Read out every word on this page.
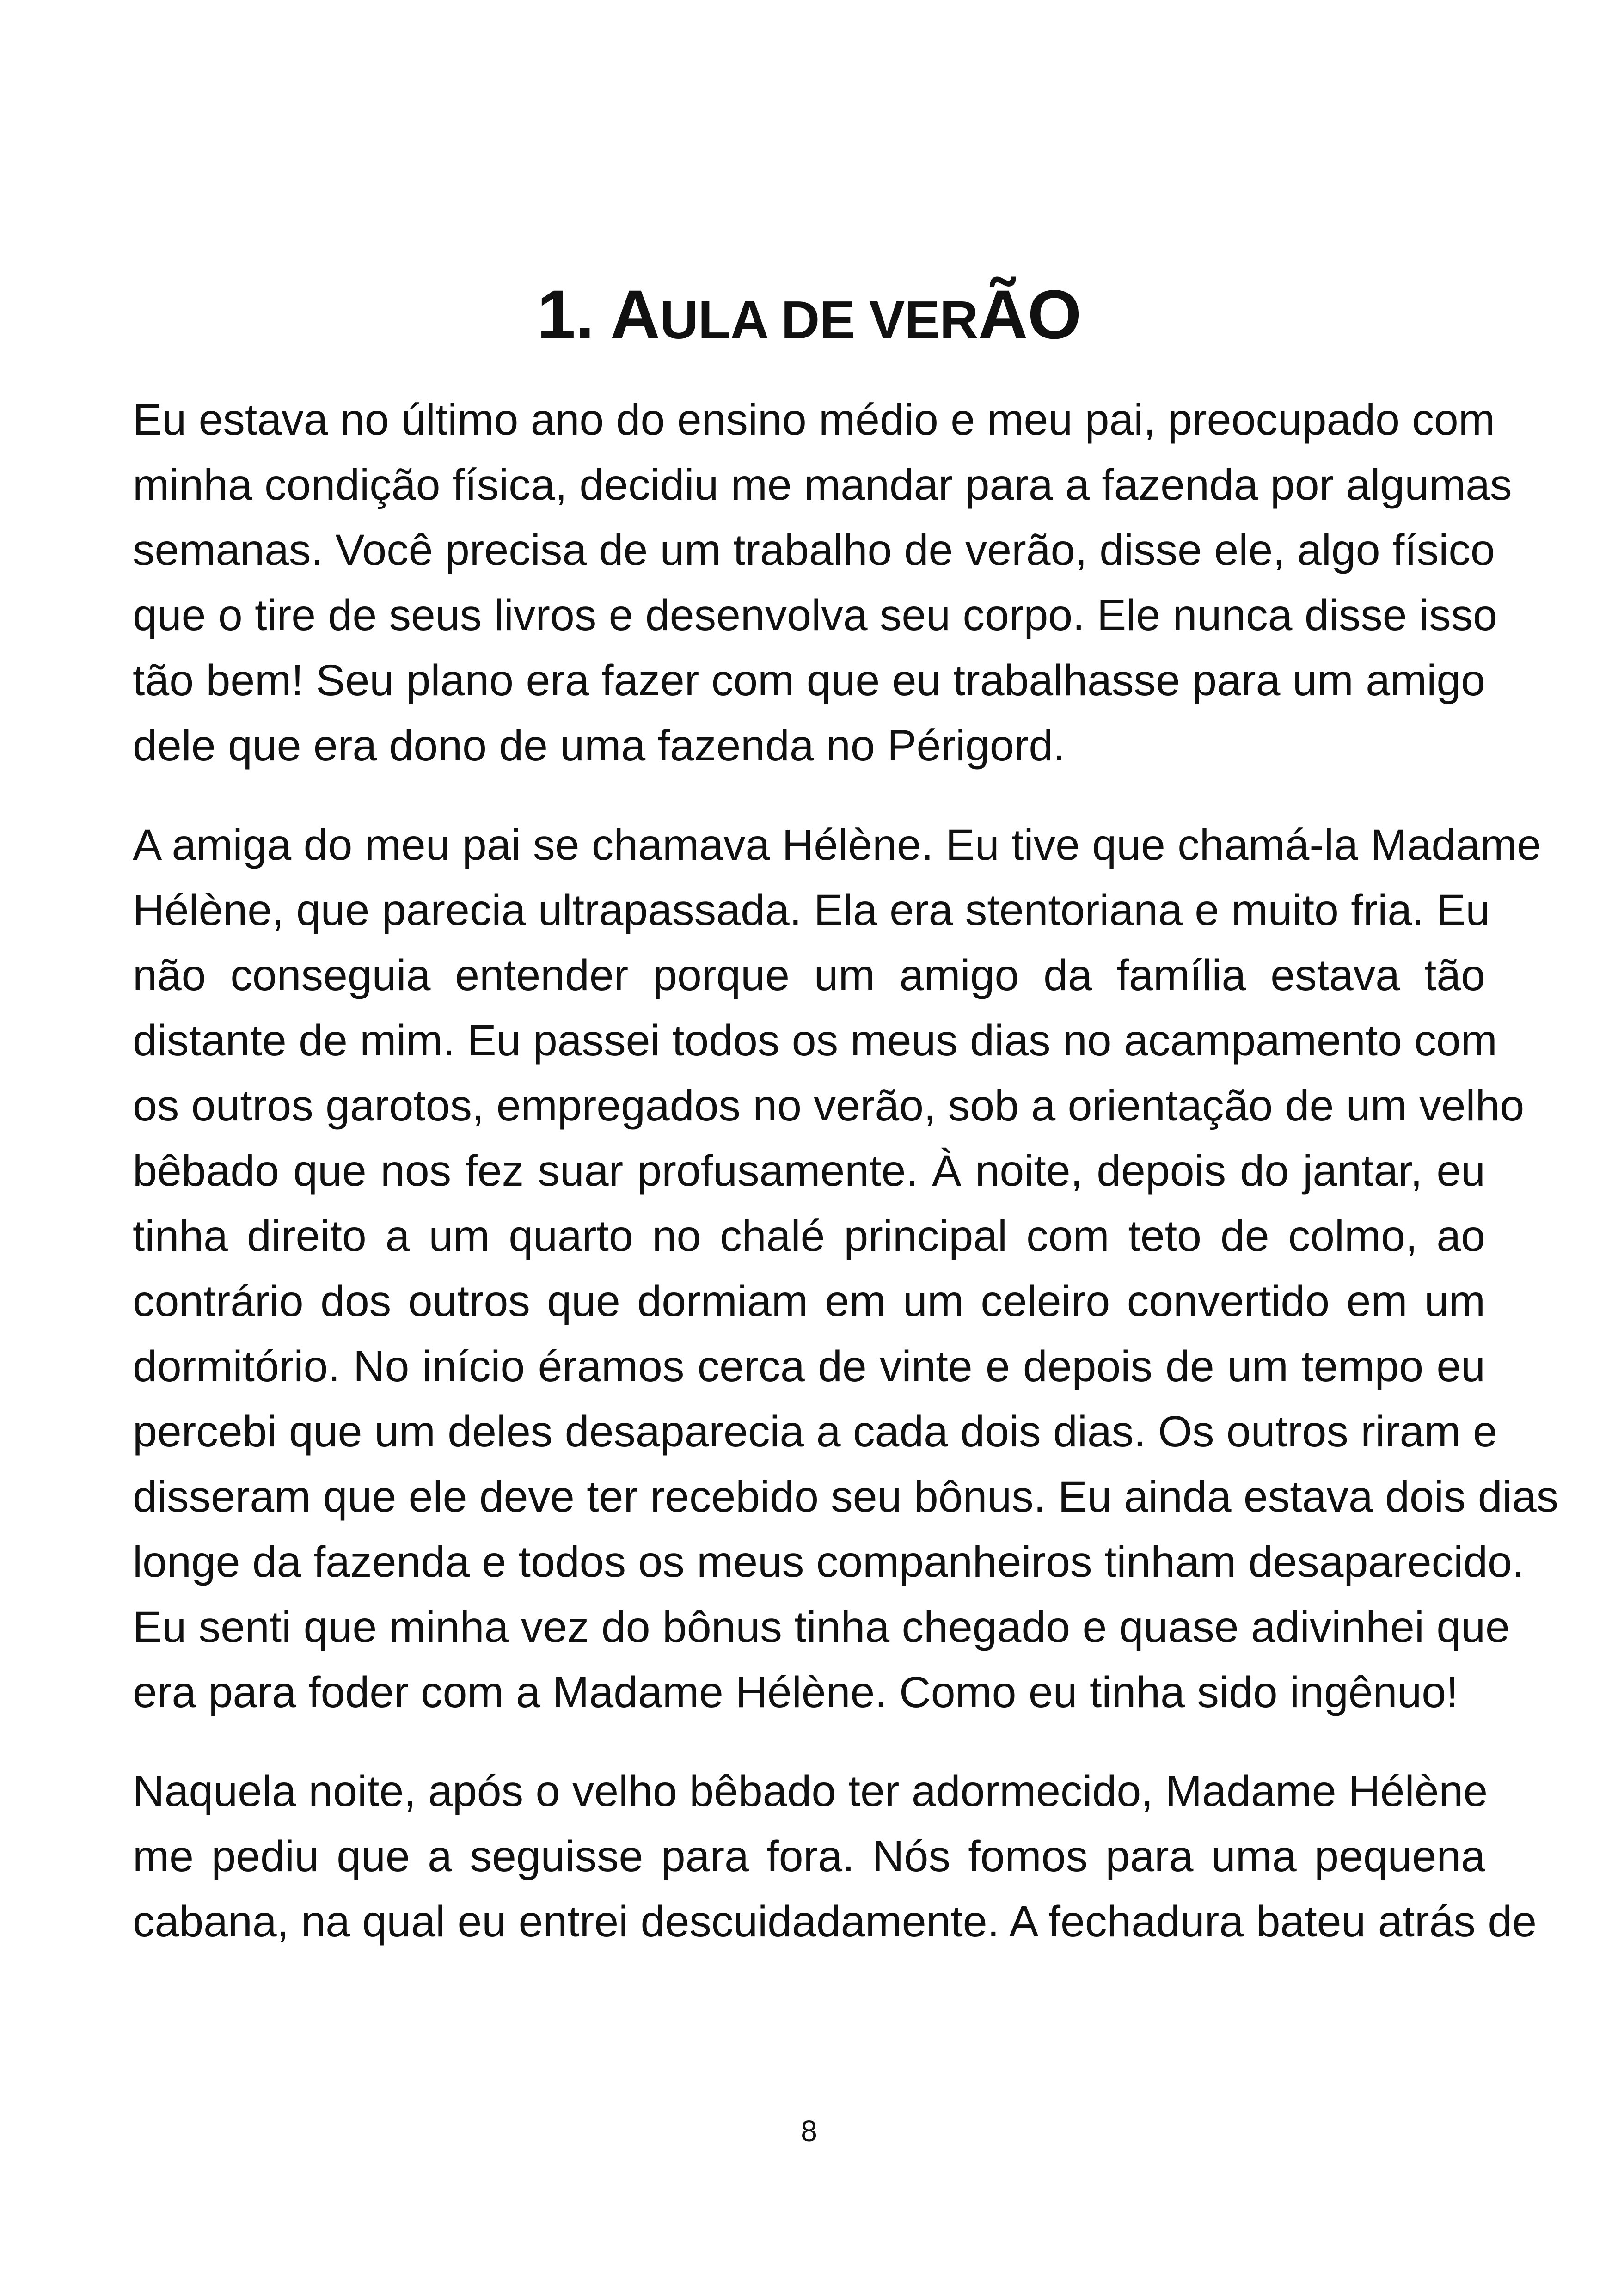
1. AULA DE VERÃO
Eu estava no último ano do ensino médio e meu pai, preocupado com
minha condição física, decidiu me mandar para a fazenda por algumas
semanas. Você precisa de um trabalho de verão, disse ele, algo físico
que o tire de seus livros e desenvolva seu corpo. Ele nunca disse isso
tão bem! Seu plano era fazer com que eu trabalhasse para um amigo
dele que era dono de uma fazenda no Périgord.
A amiga do meu pai se chamava Hélène. Eu tive que chamá-la Madame
Hélène, que parecia ultrapassada. Ela era stentoriana e muito fria. Eu
não conseguia entender porque um amigo da família estava tão
distante de mim. Eu passei todos os meus dias no acampamento com
os outros garotos, empregados no verão, sob a orientação de um velho
bêbado que nos fez suar profusamente. À noite, depois do jantar, eu
tinha direito a um quarto no chalé principal com teto de colmo, ao
contrário dos outros que dormiam em um celeiro convertido em um
dormitório. No início éramos cerca de vinte e depois de um tempo eu
percebi que um deles desaparecia a cada dois dias. Os outros riram e
disseram que ele deve ter recebido seu bônus. Eu ainda estava dois dias
longe da fazenda e todos os meus companheiros tinham desaparecido.
Eu senti que minha vez do bônus tinha chegado e quase adivinhei que
era para foder com a Madame Hélène. Como eu tinha sido ingênuo!
Naquela noite, após o velho bêbado ter adormecido, Madame Hélène
me pediu que a seguisse para fora. Nós fomos para uma pequena
cabana, na qual eu entrei descuidadamente. A fechadura bateu atrás de
8
